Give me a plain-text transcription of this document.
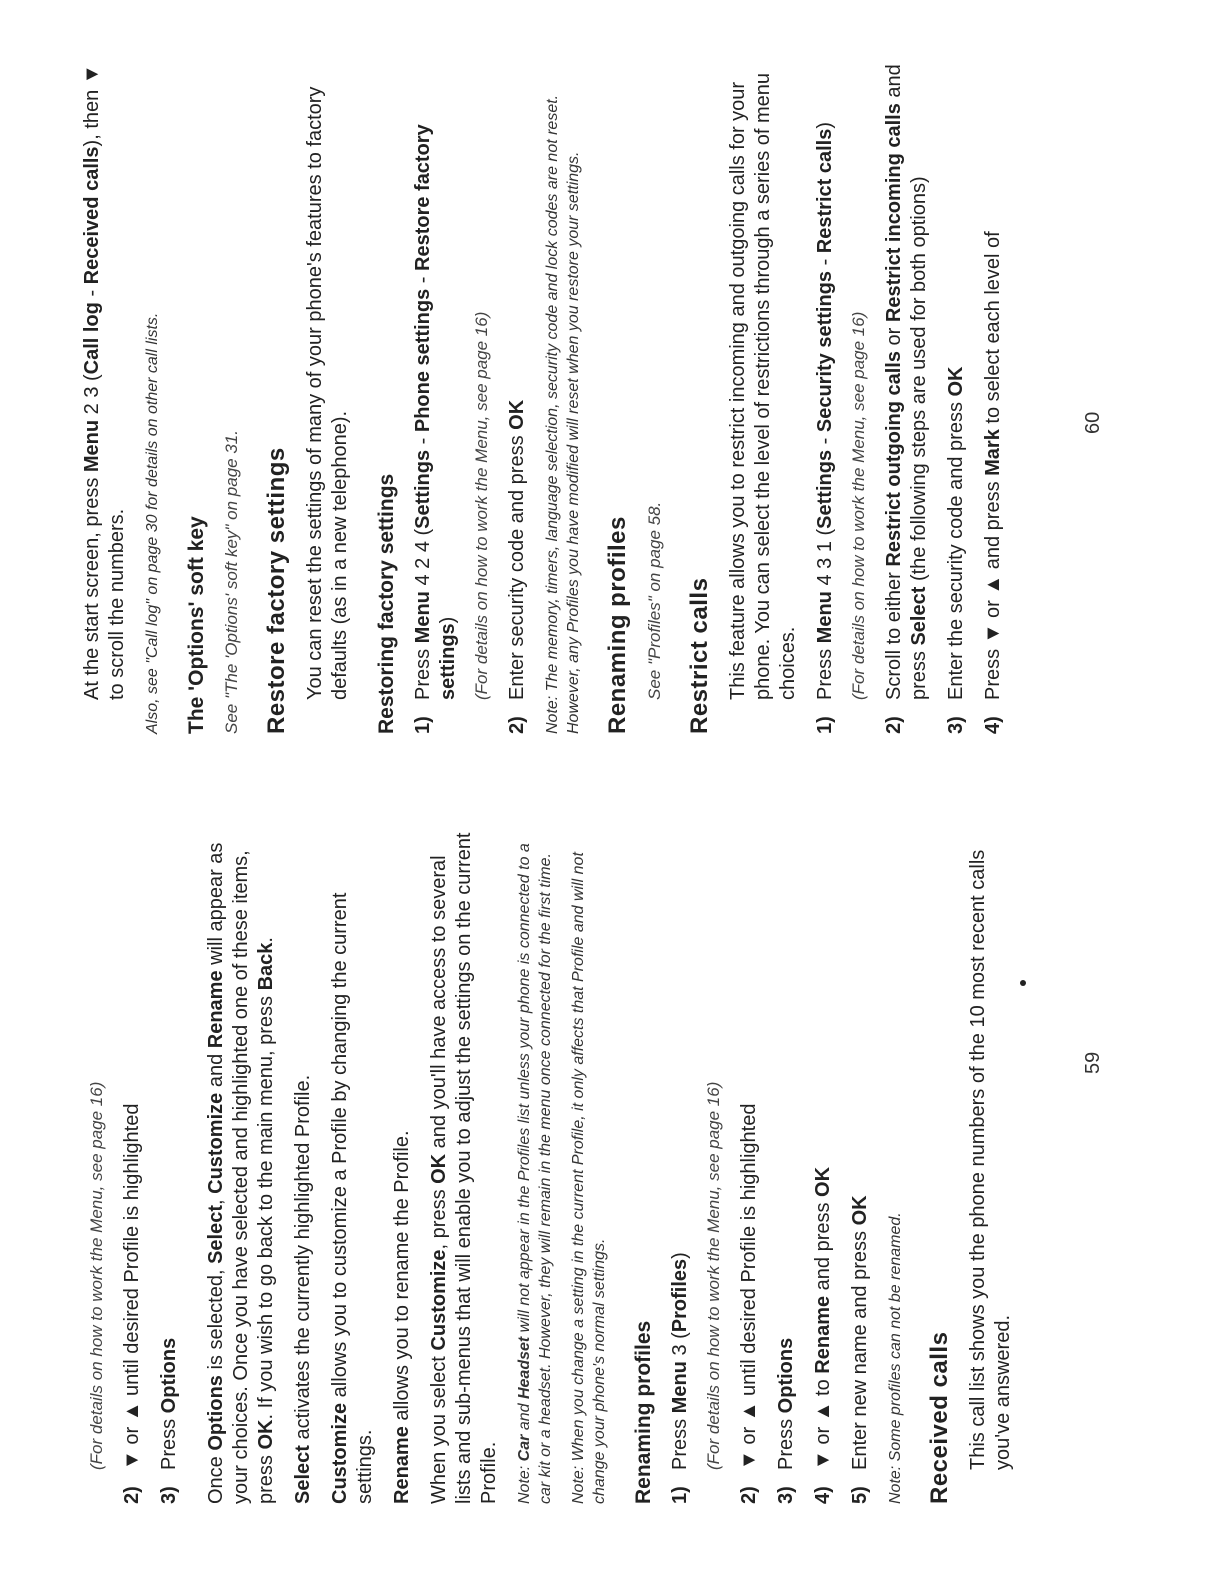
(For details on how to work the Menu, see page 16)

2)
▼ or ▲ until desired Profile is highlighted
3)
Press Options

Once Options is selected, Select, Customize and Rename will appear as your choices. Once you have selected and highlighted one of these items, press OK. If you wish to go back to the main menu, press Back.

Select activates the currently highlighted Profile.

Customize allows you to customize a Profile by changing the current settings. Rename allows you to rename the Profile.

When you select Customize, press OK and you'll have access to several lists and sub-menus that will enable you to adjust the settings on the current Profile. Note: Car and Headset will not appear in the Profiles list unless your phone is connected to a car kit or a headset. However, they will remain in the menu once connected for the first time. Note: When you change a setting in the current Profile, it only affects that Profile and will not change your phone's normal settings. Renaming profiles 1)
Press Menu 3 (Profiles) (For details on how to work the Menu, see page 16)
2)
▼ or ▲ until desired Profile is highlighted
3)
Press Options
4)
▼ or ▲ to Rename and press OK
5)
Enter new name and press OK

Note: Some profiles can not be renamed. Received calls This call list shows you the phone numbers of the 10 most recent calls you've answered.

59

At the start screen, press Menu 2 3 (Call log - Received calls), then ▼ to scroll the numbers. Also, see "Call log" on page 30 for details on other call lists. The 'Options' soft key See "The 'Options' soft key" on page 31. Restore factory settings You can reset the settings of many of your phone's features to factory defaults (as in a new telephone). Restoring factory settings 1)
Press Menu 4 2 4 (Settings - Phone settings - Restore factory settings) (For details on how to work the Menu, see page 16)
2)
Enter security code and press OK Note: The memory, timers, language selection, security code and lock codes are not reset. However, any Profiles you have modified will reset when you restore your settings. Renaming profiles See "Profiles" on page 58. Restrict calls This feature allows you to restrict incoming and outgoing calls for your phone. You can select the level of restrictions through a series of menu choices.

1)
Press Menu 4 3 1 (Settings - Security settings - Restrict calls)
(For details on how to work the Menu, see page 16)
2)
Scroll to either Restrict outgoing calls or Restrict incoming calls and press Select (the following steps are used for both options)
3)
Enter the security code and press OK
4)
Press ▼ or ▲ and press Mark to select each level of	60
